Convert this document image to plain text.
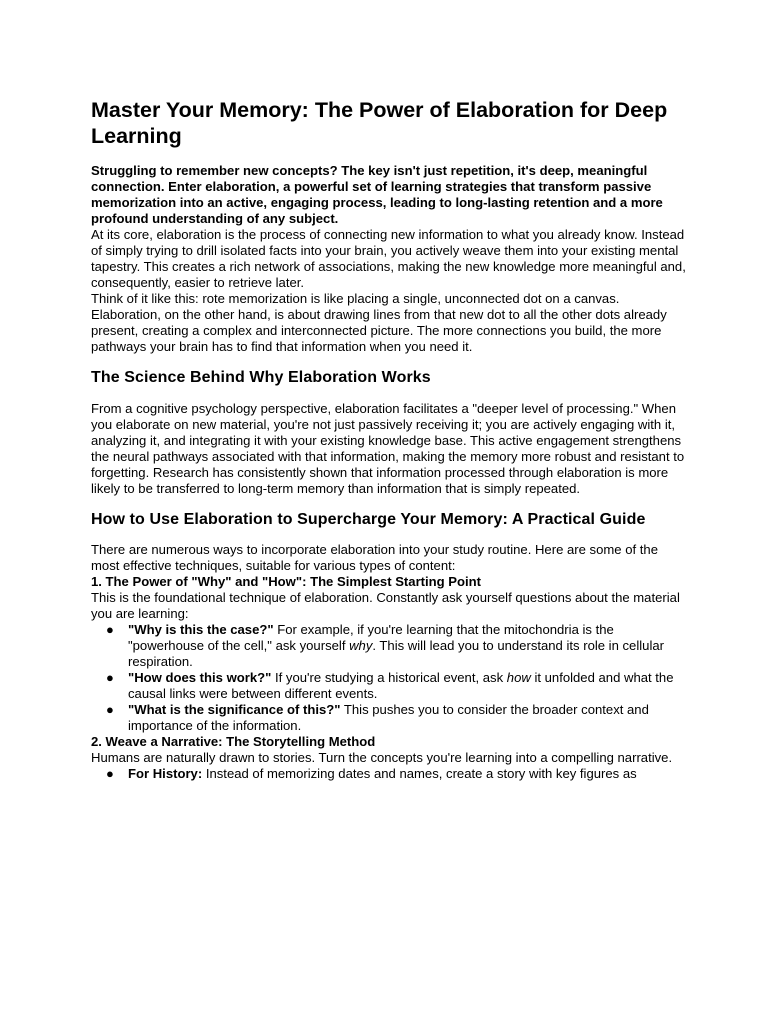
Master Your Memory: The Power of Elaboration for Deep Learning

Struggling to remember new concepts? The key isn't just repetition, it's deep, meaningful connection. Enter elaboration, a powerful set of learning strategies that transform passive memorization into an active, engaging process, leading to long-lasting retention and a more profound understanding of any subject.

At its core, elaboration is the process of connecting new information to what you already know. Instead of simply trying to drill isolated facts into your brain, you actively weave them into your existing mental tapestry. This creates a rich network of associations, making the new knowledge more meaningful and, consequently, easier to retrieve later.

Think of it like this: rote memorization is like placing a single, unconnected dot on a canvas. Elaboration, on the other hand, is about drawing lines from that new dot to all the other dots already present, creating a complex and interconnected picture. The more connections you build, the more pathways your brain has to find that information when you need it.

The Science Behind Why Elaboration Works

From a cognitive psychology perspective, elaboration facilitates a "deeper level of processing." When you elaborate on new material, you're not just passively receiving it; you are actively engaging with it, analyzing it, and integrating it with your existing knowledge base. This active engagement strengthens the neural pathways associated with that information, making the memory more robust and resistant to forgetting. Research has consistently shown that information processed through elaboration is more likely to be transferred to long-term memory than information that is simply repeated.

How to Use Elaboration to Supercharge Your Memory: A Practical Guide

There are numerous ways to incorporate elaboration into your study routine. Here are some of the most effective techniques, suitable for various types of content:

1. The Power of "Why" and "How": The Simplest Starting Point

This is the foundational technique of elaboration. Constantly ask yourself questions about the material you are learning:

● "Why is this the case?" For example, if you're learning that the mitochondria is the "powerhouse of the cell," ask yourself why. This will lead you to understand its role in cellular respiration.
● "How does this work?" If you're studying a historical event, ask how it unfolded and what the causal links were between different events.
● "What is the significance of this?" This pushes you to consider the broader context and importance of the information.

2. Weave a Narrative: The Storytelling Method

Humans are naturally drawn to stories. Turn the concepts you're learning into a compelling narrative.

● For History: Instead of memorizing dates and names, create a story with key figures as
